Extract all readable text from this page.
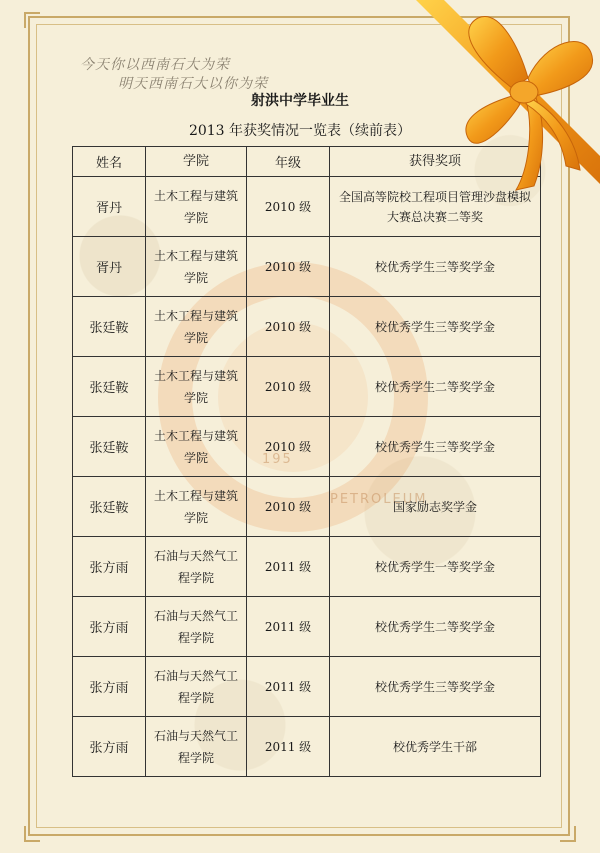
195
PETROLEUM
今天你以西南石大为荣
明天西南石大以你为荣
射洪中学毕业生
2013 年获奖情况一览表（续前表）
姓名	学院	年级	获得奖项
胥丹	土木工程与建筑学院	2010 级	全国高等院校工程项目管理沙盘模拟大赛总决赛二等奖
胥丹	土木工程与建筑学院	2010 级	校优秀学生三等奖学金
张廷鞍	土木工程与建筑学院	2010 级	校优秀学生三等奖学金
张廷鞍	土木工程与建筑学院	2010 级	校优秀学生二等奖学金
张廷鞍	土木工程与建筑学院	2010 级	校优秀学生三等奖学金
张廷鞍	土木工程与建筑学院	2010 级	国家励志奖学金
张方雨	石油与天然气工程学院	2011 级	校优秀学生一等奖学金
张方雨	石油与天然气工程学院	2011 级	校优秀学生二等奖学金
张方雨	石油与天然气工程学院	2011 级	校优秀学生三等奖学金
张方雨	石油与天然气工程学院	2011 级	校优秀学生干部
